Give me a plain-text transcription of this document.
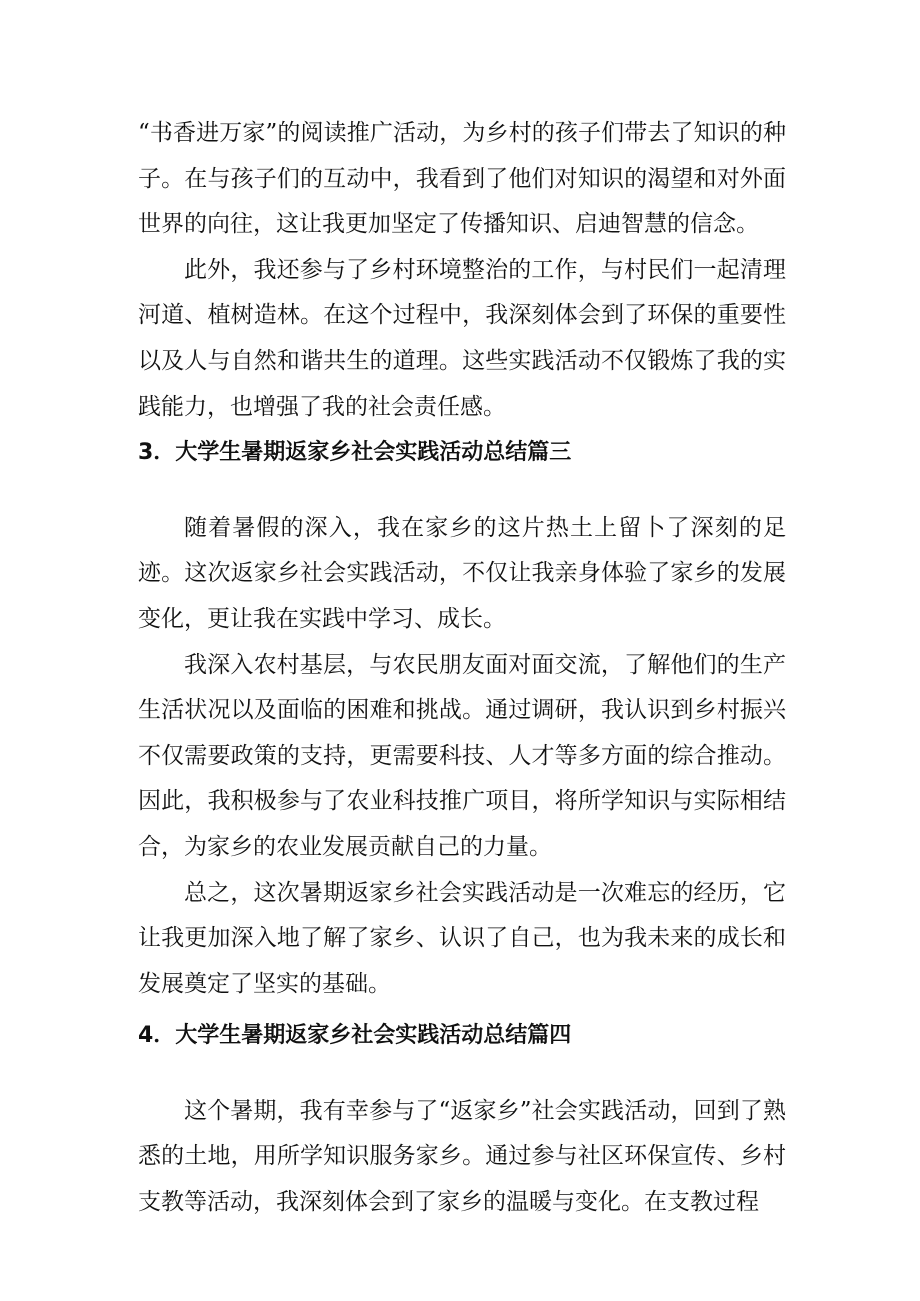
“书香进万家”的阅读推广活动，为乡村的孩子们带去了知识的种子。在与孩子们的互动中，我看到了他们对知识的渴望和对外面世界的向往，这让我更加坚定了传播知识、启迪智慧的信念。

此外，我还参与了乡村环境整治的工作，与村民们一起清理河道、植树造林。在这个过程中，我深刻体会到了环保的重要性以及人与自然和谐共生的道理。这些实践活动不仅锻炼了我的实践能力，也增强了我的社会责任感。

3．大学生暑期返家乡社会实践活动总结篇三

随着暑假的深入，我在家乡的这片热土上留卜了深刻的足迹。这次返家乡社会实践活动，不仅让我亲身体验了家乡的发展变化，更让我在实践中学习、成长。

我深入农村基层，与农民朋友面对面交流，了解他们的生产生活状况以及面临的困难和挑战。通过调研，我认识到乡村振兴不仅需要政策的支持，更需要科技、人才等多方面的综合推动。因此，我积极参与了农业科技推广项目，将所学知识与实际相结合，为家乡的农业发展贡献自己的力量。

总之，这次暑期返家乡社会实践活动是一次难忘的经历，它让我更加深入地了解了家乡、认识了自己，也为我未来的成长和发展奠定了坚实的基础。

4．大学生暑期返家乡社会实践活动总结篇四

这个暑期，我有幸参与了“返家乡”社会实践活动，回到了熟悉的土地，用所学知识服务家乡。通过参与社区环保宣传、乡村支教等活动，我深刻体会到了家乡的温暖与变化。在支教过程
